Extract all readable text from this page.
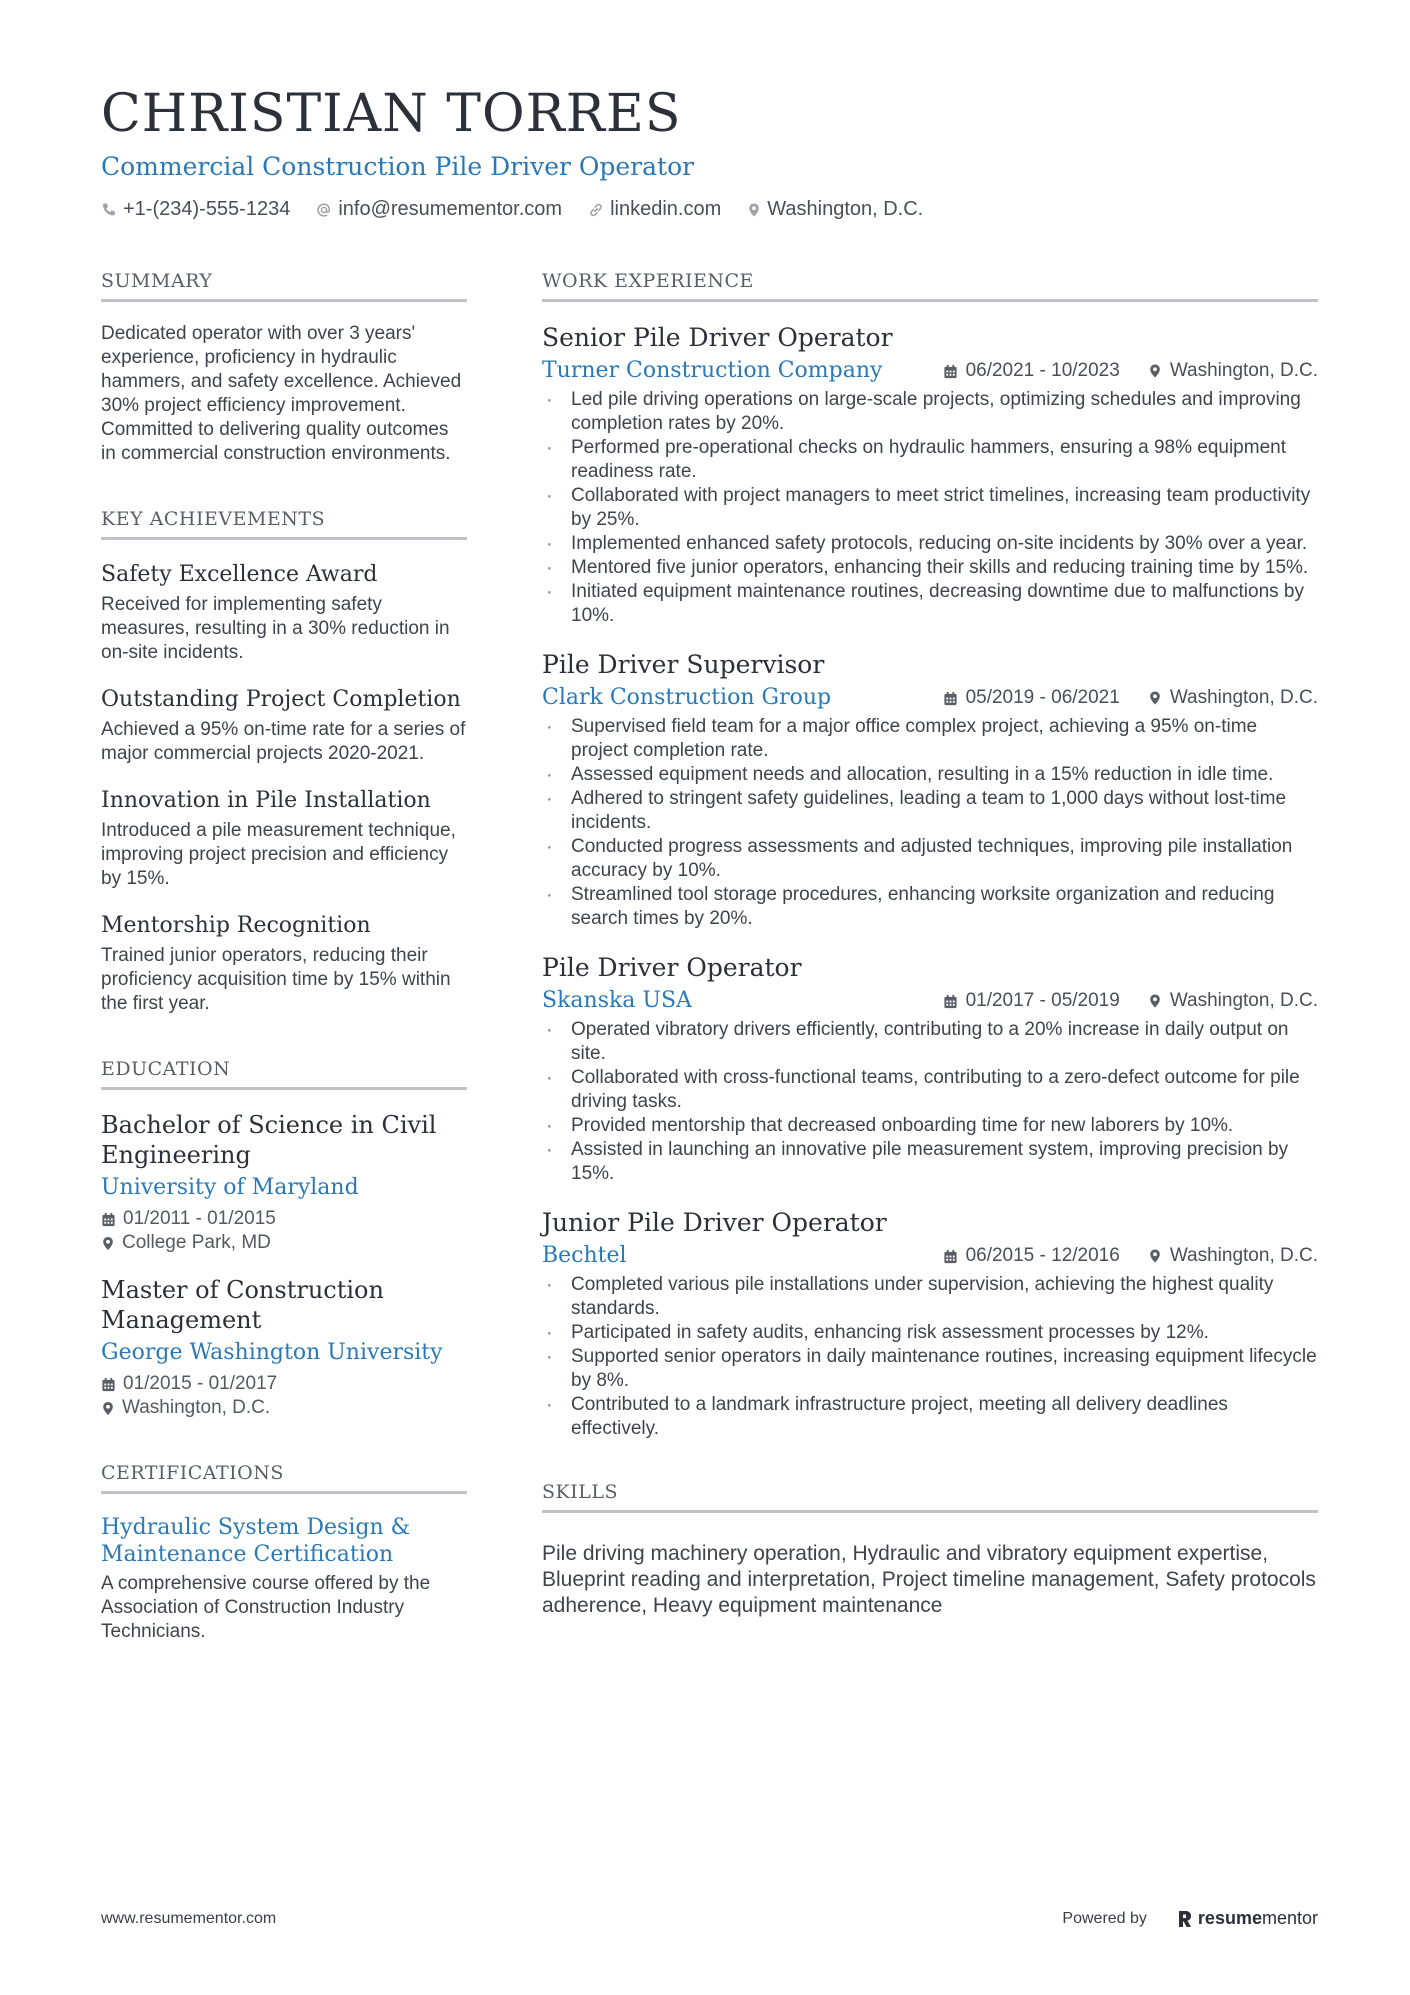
CHRISTIAN TORRES
Commercial Construction Pile Driver Operator
+1-(234)-555-1234 info@resumementor.com linkedin.com Washington, D.C.
SUMMARY
Dedicated operator with over 3 years' experience, proficiency in hydraulic hammers, and safety excellence. Achieved 30% project efficiency improvement. Committed to delivering quality outcomes in commercial construction environments.
KEY ACHIEVEMENTS
Safety Excellence Award
Received for implementing safety measures, resulting in a 30% reduction in on-site incidents.
Outstanding Project Completion
Achieved a 95% on-time rate for a series of major commercial projects 2020-2021.
Innovation in Pile Installation
Introduced a pile measurement technique, improving project precision and efficiency by 15%.
Mentorship Recognition
Trained junior operators, reducing their proficiency acquisition time by 15% within the first year.
EDUCATION
Bachelor of Science in Civil Engineering
University of Maryland
01/2011 - 01/2015
College Park, MD
Master of Construction Management
George Washington University
01/2015 - 01/2017
Washington, D.C.
CERTIFICATIONS
Hydraulic System Design & Maintenance Certification
A comprehensive course offered by the Association of Construction Industry Technicians.
WORK EXPERIENCE
Senior Pile Driver Operator
Turner Construction Company	06/2021 - 10/2023	Washington, D.C.
· Led pile driving operations on large-scale projects, optimizing schedules and improving completion rates by 20%.
· Performed pre-operational checks on hydraulic hammers, ensuring a 98% equipment readiness rate.
· Collaborated with project managers to meet strict timelines, increasing team productivity by 25%.
· Implemented enhanced safety protocols, reducing on-site incidents by 30% over a year.
· Mentored five junior operators, enhancing their skills and reducing training time by 15%.
· Initiated equipment maintenance routines, decreasing downtime due to malfunctions by 10%.
Pile Driver Supervisor
Clark Construction Group	05/2019 - 06/2021	Washington, D.C.
· Supervised field team for a major office complex project, achieving a 95% on-time project completion rate.
· Assessed equipment needs and allocation, resulting in a 15% reduction in idle time.
· Adhered to stringent safety guidelines, leading a team to 1,000 days without lost-time incidents.
· Conducted progress assessments and adjusted techniques, improving pile installation accuracy by 10%.
· Streamlined tool storage procedures, enhancing worksite organization and reducing search times by 20%.
Pile Driver Operator
Skanska USA	01/2017 - 05/2019	Washington, D.C.
· Operated vibratory drivers efficiently, contributing to a 20% increase in daily output on site.
· Collaborated with cross-functional teams, contributing to a zero-defect outcome for pile driving tasks.
· Provided mentorship that decreased onboarding time for new laborers by 10%.
· Assisted in launching an innovative pile measurement system, improving precision by 15%.
Junior Pile Driver Operator
Bechtel	06/2015 - 12/2016	Washington, D.C.
· Completed various pile installations under supervision, achieving the highest quality standards.
· Participated in safety audits, enhancing risk assessment processes by 12%.
· Supported senior operators in daily maintenance routines, increasing equipment lifecycle by 8%.
· Contributed to a landmark infrastructure project, meeting all delivery deadlines effectively.
SKILLS
Pile driving machinery operation, Hydraulic and vibratory equipment expertise, Blueprint reading and interpretation, Project timeline management, Safety protocols adherence, Heavy equipment maintenance
www.resumementor.com	Powered by	resume mentor
